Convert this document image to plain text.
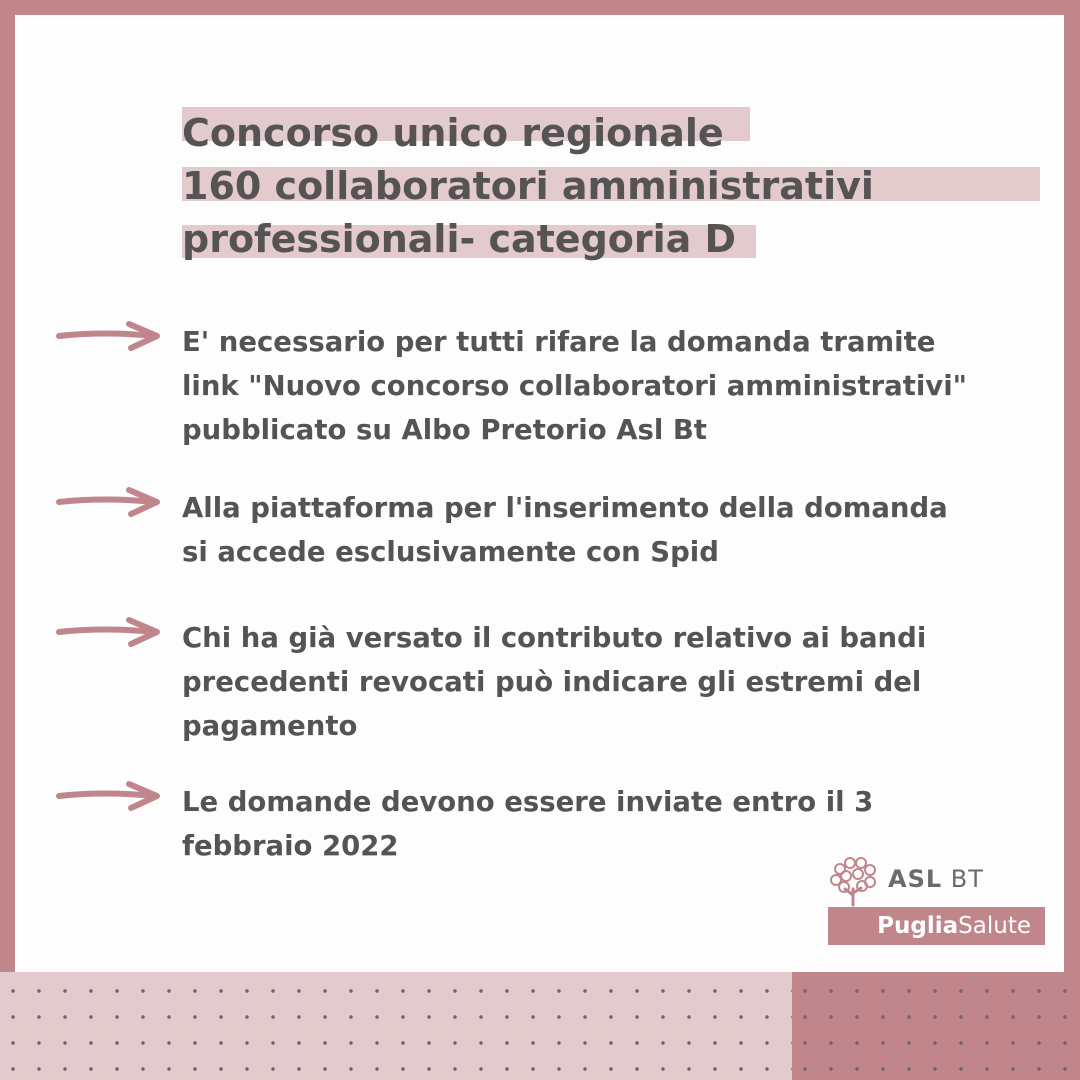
Concorso unico regionale
160 collaboratori amministrativi
professionali- categoria D
E' necessario per tutti rifare la domanda tramite
link "Nuovo concorso collaboratori amministrativi"
pubblicato su Albo Pretorio Asl Bt
Alla piattaforma per l'inserimento della domanda
si accede esclusivamente con Spid
Chi ha già versato il contributo relativo ai bandi
precedenti revocati può indicare gli estremi del
pagamento
Le domande devono essere inviate entro il 3
febbraio 2022
ASL BT
PugliaSalute
